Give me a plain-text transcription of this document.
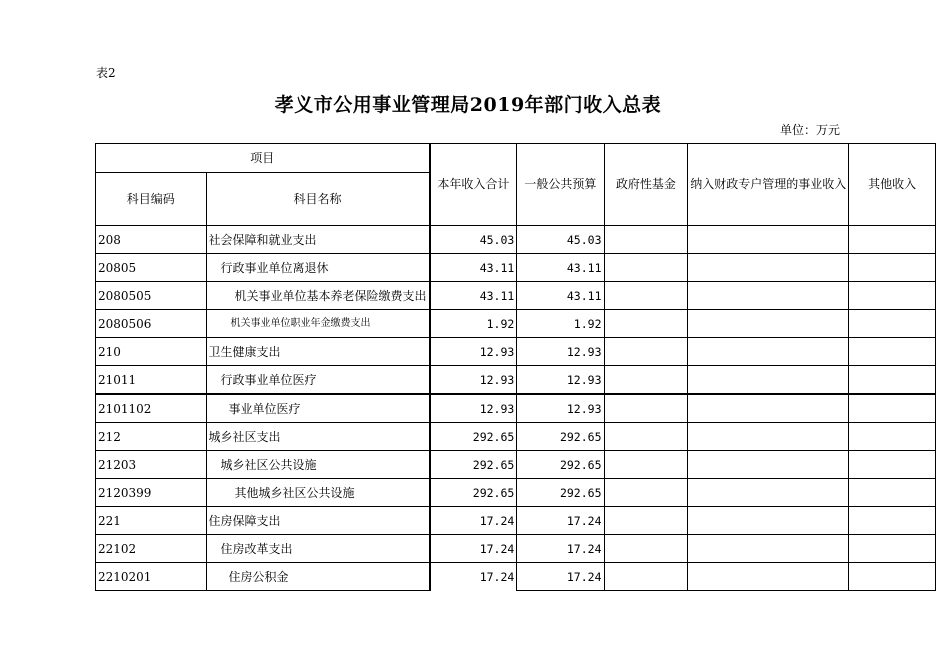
表2
孝义市公用事业管理局2019年部门收入总表
单位：万元
项目		本年收入合计	一般公共预算	政府性基金	纳入财政专户管理的事业收入	其他收入
科目编码	科目名称					
208	社会保障和就业支出	45.03	45.03			
20805	行政事业单位离退休	43.11	43.11			
2080505	机关事业单位基本养老保险缴费支出	43.11	43.11			
2080506	机关事业单位职业年金缴费支出	1.92	1.92			
210	卫生健康支出	12.93	12.93			
21011	行政事业单位医疗	12.93	12.93			
2101102	事业单位医疗	12.93	12.93			
212	城乡社区支出	292.65	292.65			
21203	城乡社区公共设施	292.65	292.65			
2120399	其他城乡社区公共设施	292.65	292.65			
221	住房保障支出	17.24	17.24			
22102	住房改革支出	17.24	17.24			
2210201	住房公积金	17.24	17.24			
